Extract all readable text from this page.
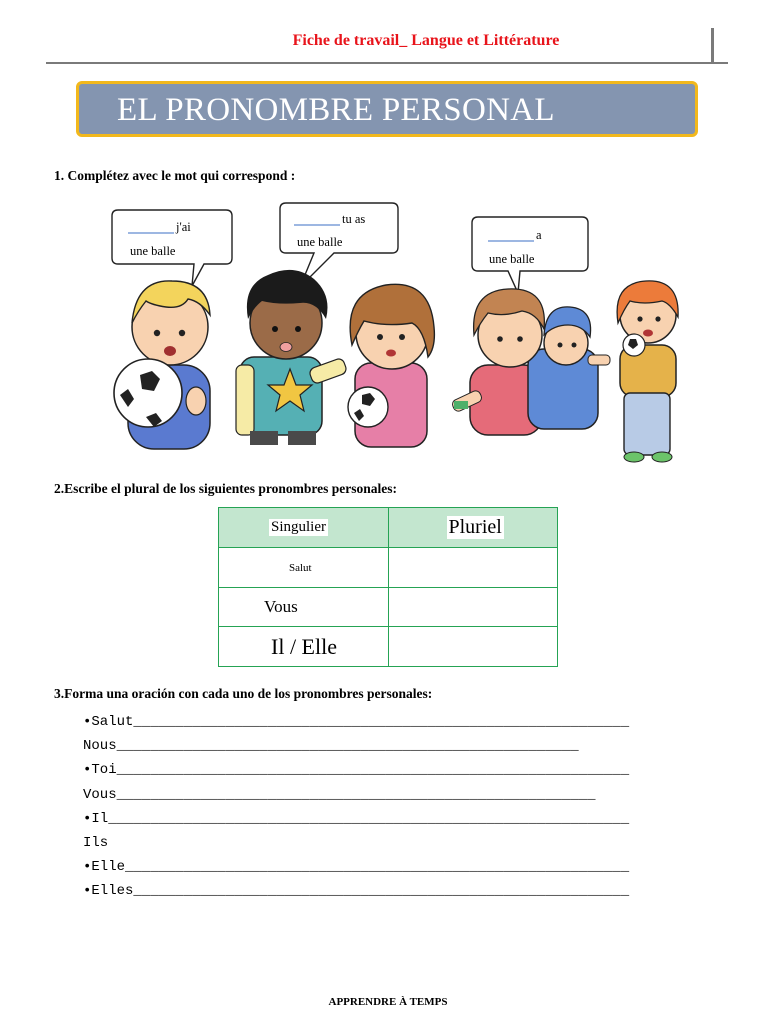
Fiche de travail_ Langue et Littérature
EL PRONOMBRE PERSONAL
1. Complétez avec le mot qui correspond :
j'ai
une balle
tu as
une balle	a
une balle
2.Escribe el plural de los siguientes pronombres personales:
Singulier	Pluriel
Salut	
Vous	
Il / Elle	
3.Forma una oración con cada uno de los pronombres personales:
•Salut___________________________________________________________
Nous_______________________________________________________
•Toi_____________________________________________________________
Vous_________________________________________________________
•Il______________________________________________________________
Ils
•Elle____________________________________________________________
•Elles___________________________________________________________
APPRENDRE À TEMPS
